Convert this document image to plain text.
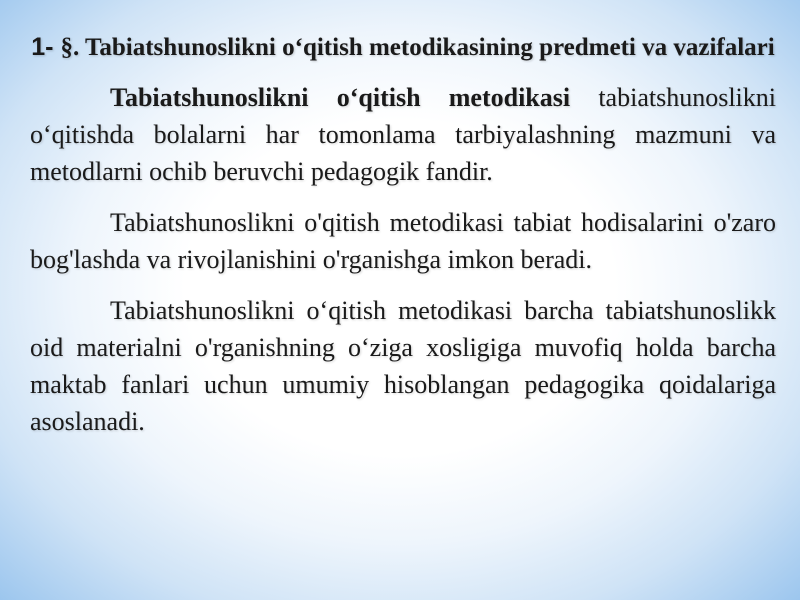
1- §. Tabiatshunoslikni o‘qitish metodikasining predmeti va vazifalari

Tabiatshunoslikni o‘qitish metodikasi tabiatshunoslikni o‘qitishda bolalarni har tomonlama tarbiyalashning mazmuni va metodlarni ochib beruvchi pedagogik fandir.

Tabiatshunoslikni o'qitish metodikasi tabiat hodisalarini o'zaro bog'lashda va rivojlanishini o'rganishga imkon beradi.

Tabiatshunoslikni o‘qitish metodikasi barcha tabiatshunoslikk oid materialni o'rganishning o‘ziga xosligiga muvofiq holda barcha maktab fanlari uchun umumiy hisoblangan pedagogika qoidalariga asoslanadi.
